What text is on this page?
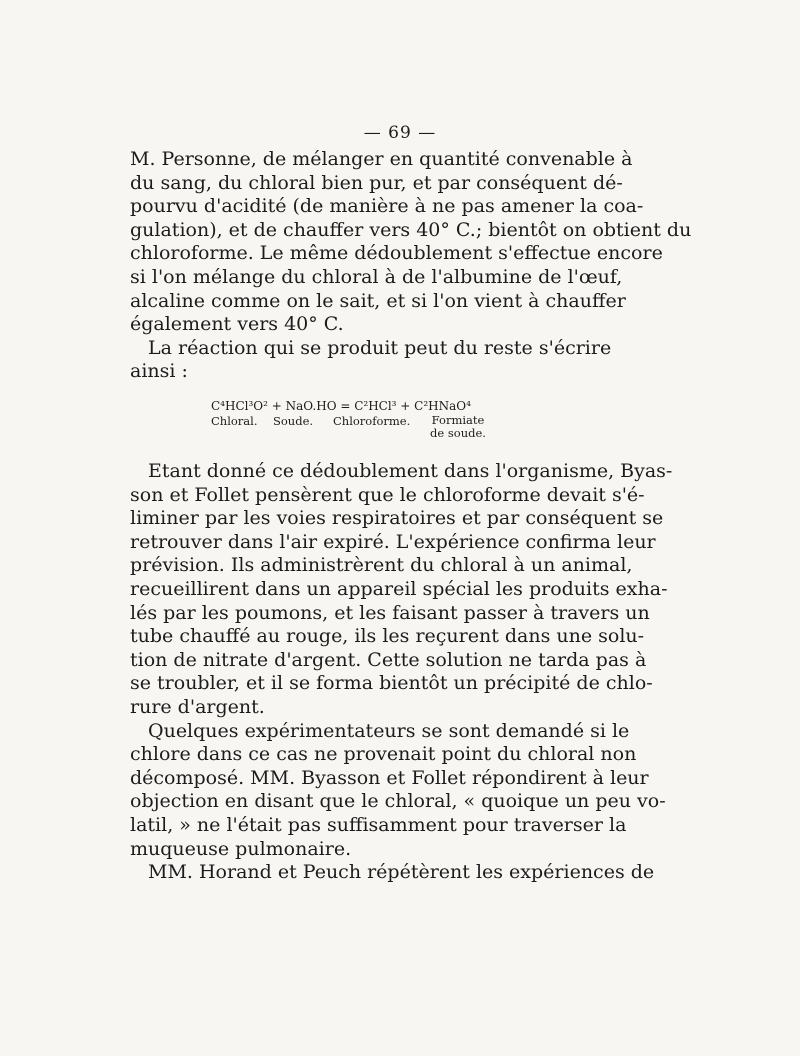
— 69 —
M. Personne, de mélanger en quantité convenable à
du sang, du chloral bien pur, et par conséquent dé-
pourvu d'acidité (de manière à ne pas amener la coa-
gulation), et de chauffer vers 40° C.; bientôt on obtient du
chloroforme. Le même dédoublement s'effectue encore
si l'on mélange du chloral à de l'albumine de l'œuf,
alcaline comme on le sait, et si l'on vient à chauffer
également vers 40° C.
La réaction qui se produit peut du reste s'écrire
ainsi :
C⁴HCl³O² + NaO.HO = C²HCl³ + C²HNaO⁴
Chloral.	Soude.	Chloroforme.	Formiate
de soude.
Etant donné ce dédoublement dans l'organisme, Byas-
son et Follet pensèrent que le chloroforme devait s'é-
liminer par les voies respiratoires et par conséquent se
retrouver dans l'air expiré. L'expérience confirma leur
prévision. Ils administrèrent du chloral à un animal,
recueillirent dans un appareil spécial les produits exha-
lés par les poumons, et les faisant passer à travers un
tube chauffé au rouge, ils les reçurent dans une solu-
tion de nitrate d'argent. Cette solution ne tarda pas à
se troubler, et il se forma bientôt un précipité de chlo-
rure d'argent.
Quelques expérimentateurs se sont demandé si le
chlore dans ce cas ne provenait point du chloral non
décomposé. MM. Byasson et Follet répondirent à leur
objection en disant que le chloral, « quoique un peu vo-
latil, » ne l'était pas suffisamment pour traverser la
muqueuse pulmonaire.
MM. Horand et Peuch répétèrent les expériences de
